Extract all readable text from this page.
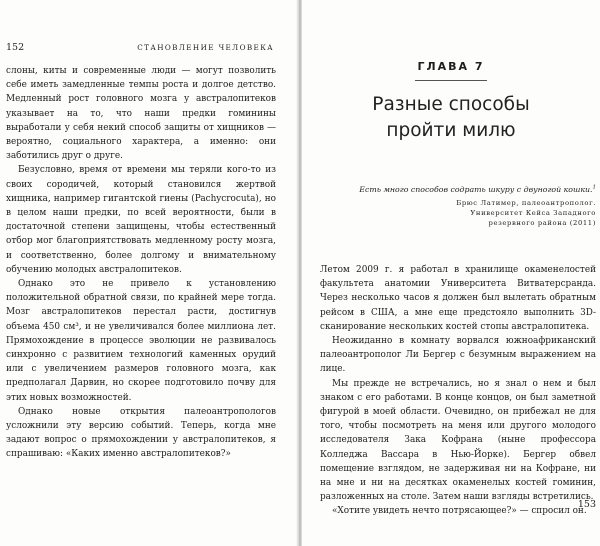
152	СТАНОВЛЕНИЕ ЧЕЛОВЕКА

слоны, киты и современные люди — могут позволить себе иметь замедленные темпы роста и долгое детство. Медленный рост головного мозга у австралопитеков указывает на то, что наши предки гоминины выработали у себя некий способ защиты от хищников — вероятно, социального характера, а именно: они заботились друг о друге.

Безусловно, время от времени мы теряли кого-то из своих сородичей, который становился жертвой хищника, например гигантской гиены (Pachycrocuta), но в целом наши предки, по всей вероятности, были в достаточной степени защищены, чтобы естественный отбор мог благоприятствовать медленному росту мозга, и соответственно, более долгому и внимательному обучению молодых австралопитеков.

Однако это не привело к установлению положительной обратной связи, по крайней мере тогда. Мозг австралопитеков перестал расти, достигнув объема 450 см³, и не увеличивался более миллиона лет. Прямохождение в процессе эволюции не развивалось синхронно с развитием технологий каменных орудий или с увеличением размеров головного мозга, как предполагал Дарвин, но скорее подготовило почву для этих новых возможностей.

Однако новые открытия палеоантропологов усложнили эту версию событий. Теперь, когда мне задают вопрос о прямохождении у австралопитеков, я спрашиваю: «Каких именно австралопитеков?»

ГЛАВА 7
Разные способы
пройти милю
Есть много способов содрать шкуру с двуногой кошки.$^1$
Брюс Латимер, палеоантрополог.
Университет Кейса Западного
резервного района (2011)

Летом 2009 г. я работал в хранилище окаменелостей факультета анатомии Университета Витватерсранда. Через несколько часов я должен был вылетать обратным рейсом в США, а мне еще предстояло выполнить 3D-сканирование нескольких костей стопы австралопитека.

Неожиданно в комнату ворвался южноафриканский палеоантрополог Ли Бергер с безумным выражением на лице.

Мы прежде не встречались, но я знал о нем и был знаком с его работами. В конце концов, он был заметной фигурой в моей области. Очевидно, он прибежал не для того, чтобы посмотреть на меня или другого молодого исследователя Зака Кофрана (ныне профессора Колледжа Вассара в Нью-Йорке). Бергер обвел помещение взглядом, не задерживая ни на Кофране, ни на мне и ни на десятках окаменелых костей гоминин, разложенных на столе. Затем наши взгляды встретились.

«Хотите увидеть нечто потрясающее?» — спросил он.

153
